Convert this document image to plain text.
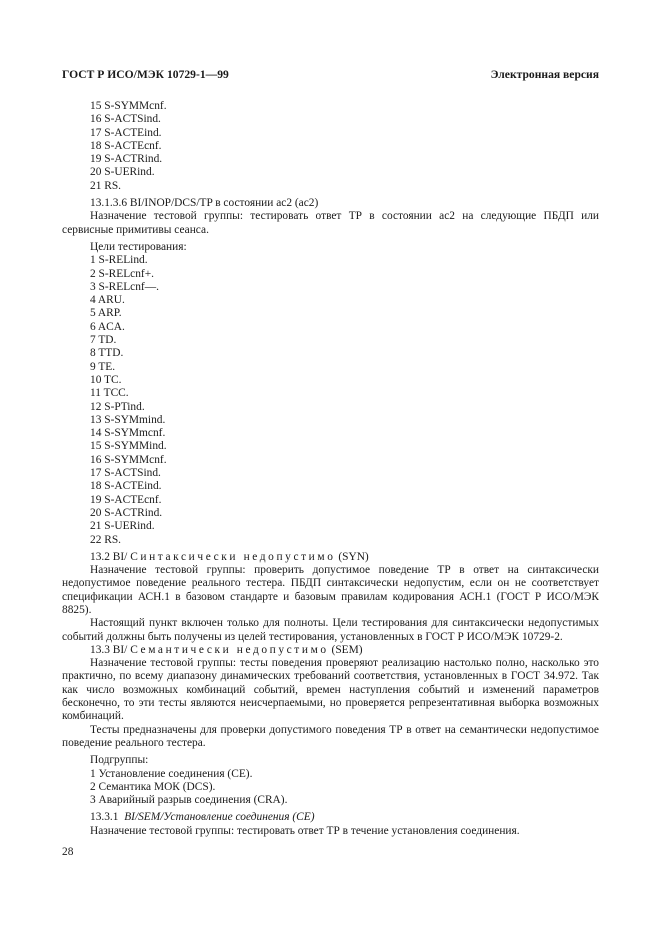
ГОСТ Р ИСО/МЭК 10729-1—99	Электронная версия
15 S-SYMMcnf.
16 S-ACTSind.
17 S-ACTEind.
18 S-ACTEcnf.
19 S-ACTRind.
20 S-UERind.
21 RS.
13.1.3.6 BI/INOP/DCS/TP в состоянии ас2 (ас2)
Назначение тестовой группы: тестировать ответ ТР в состоянии ас2 на следующие ПБДП или сервисные примитивы сеанса.
Цели тестирования:
1 S-RELind.
2 S-RELcnf+.
3 S-RELcnf—.
4 ARU.
5 ARP.
6 ACA.
7 TD.
8 TTD.
9 TE.
10 TC.
11 TCC.
12 S-PTind.
13 S-SYMmind.
14 S-SYMmcnf.
15 S-SYMMind.
16 S-SYMMcnf.
17 S-ACTSind.
18 S-ACTEind.
19 S-ACTEcnf.
20 S-ACTRind.
21 S-UERind.
22 RS.
13.2 BI/ Синтаксически недопустимо (SYN)
Назначение тестовой группы: проверить допустимое поведение ТР в ответ на синтаксически недопустимое поведение реального тестера. ПБДП синтаксически недопустим, если он не соответствует спецификации АСН.1 в базовом стандарте и базовым правилам кодирования АСН.1 (ГОСТ Р ИСО/МЭК 8825).
Настоящий пункт включен только для полноты. Цели тестирования для синтаксически недопустимых событий должны быть получены из целей тестирования, установленных в ГОСТ Р ИСО/МЭК 10729-2.
13.3 BI/ Семантически недопустимо (SEM)
Назначение тестовой группы: тесты поведения проверяют реализацию настолько полно, насколько это практично, по всему диапазону динамических требований соответствия, установленных в ГОСТ 34.972. Так как число возможных комбинаций событий, времен наступления событий и изменений параметров бесконечно, то эти тесты являются неисчерпаемыми, но проверяется репрезентативная выборка возможных комбинаций.
Тесты предназначены для проверки допустимого поведения ТР в ответ на семантически недопустимое поведение реального тестера.
Подгруппы:
1 Установление соединения (СЕ).
2 Семантика МОК (DCS).
3 Аварийный разрыв соединения (CRA).
13.3.1 BI/SEM/Установление соединения (СЕ)
Назначение тестовой группы: тестировать ответ ТР в течение установления соединения.
28
